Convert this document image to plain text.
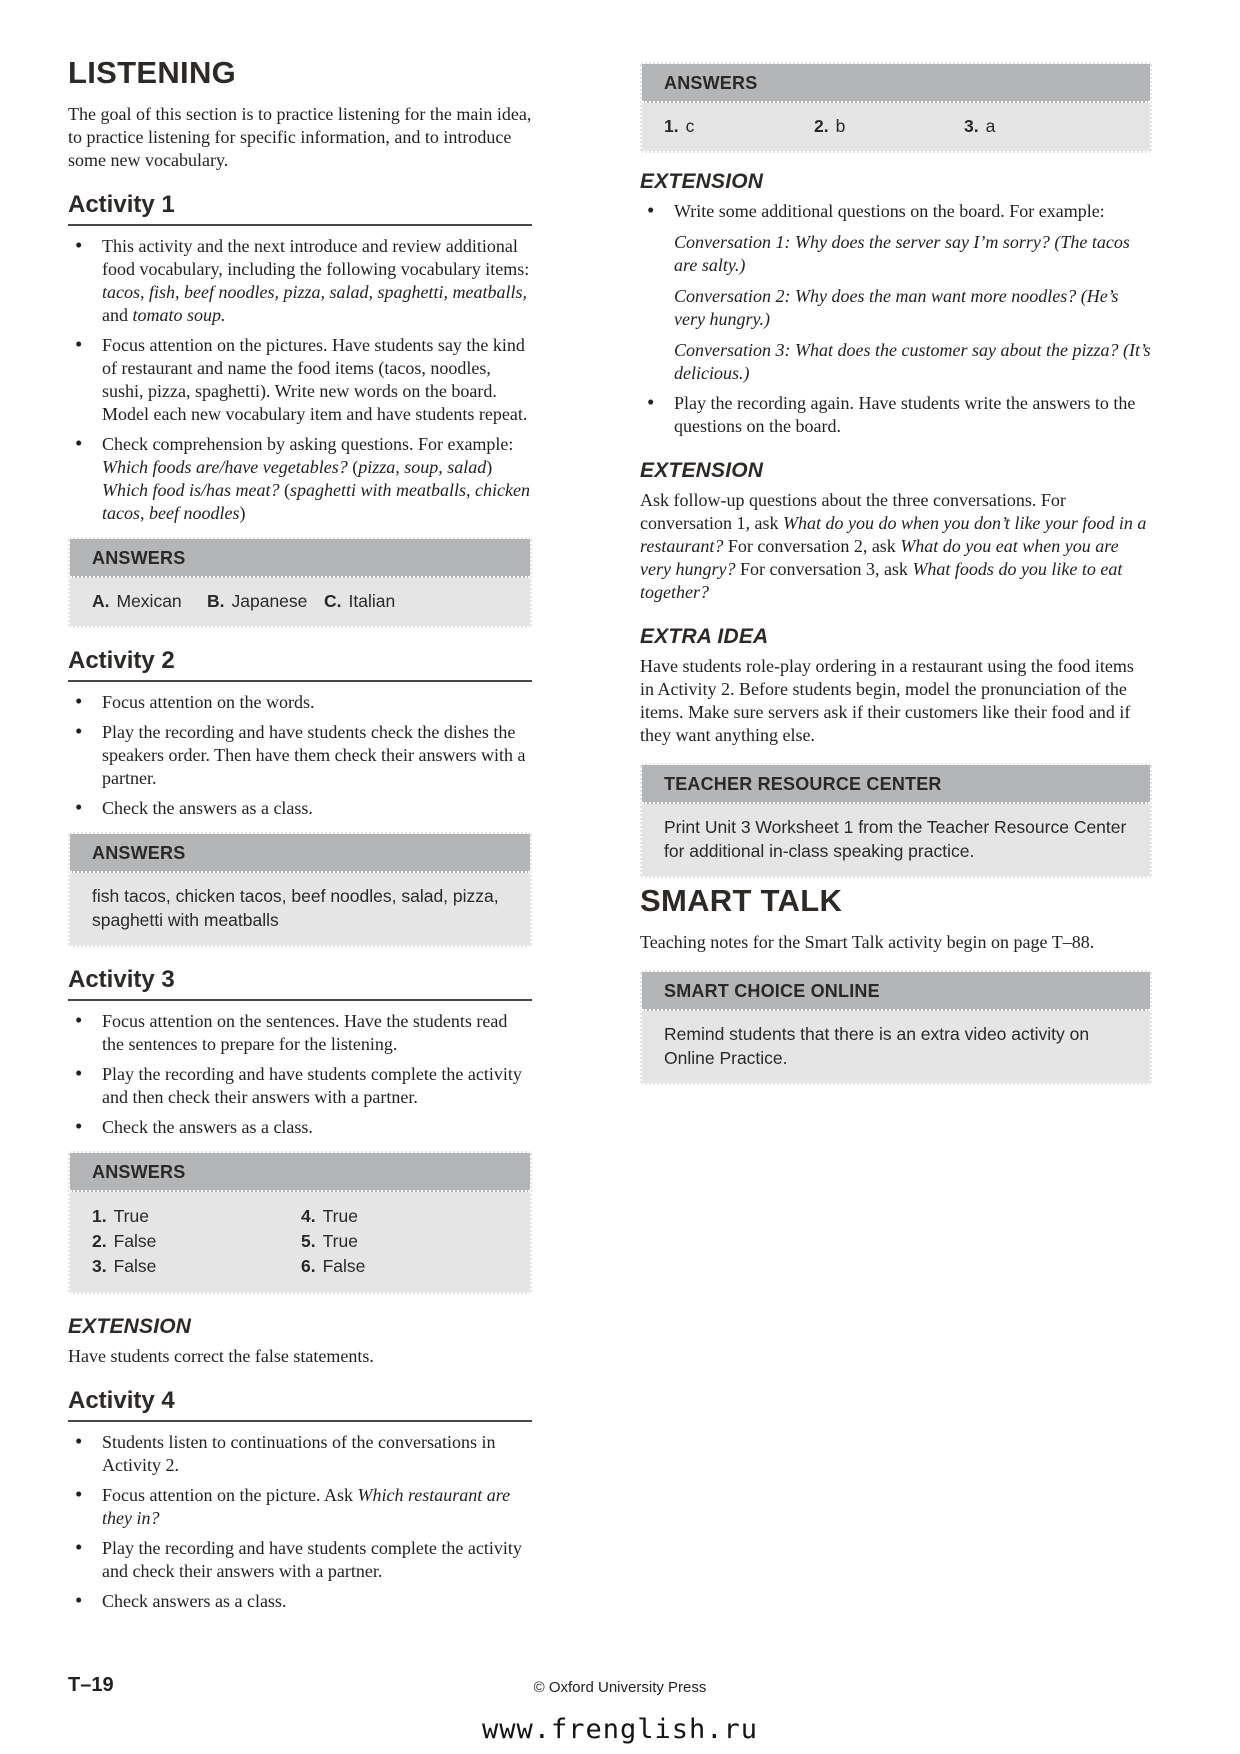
LISTENING

The goal of this section is to practice listening for the main idea, to practice listening for specific information, and to introduce some new vocabulary.

Activity 1
• This activity and the next introduce and review additional food vocabulary, including the following vocabulary items: tacos, fish, beef noodles, pizza, salad, spaghetti, meatballs, and tomato soup.
• Focus attention on the pictures. Have students say the kind of restaurant and name the food items (tacos, noodles, sushi, pizza, spaghetti). Write new words on the board. Model each new vocabulary item and have students repeat.
• Check comprehension by asking questions. For example: Which foods are/have vegetables? (pizza, soup, salad) Which food is/has meat? (spaghetti with meatballs, chicken tacos, beef noodles)
ANSWERS
A. Mexican	B. Japanese C. Italian
Activity 2
• Focus attention on the words.
• Play the recording and have students check the dishes the speakers order. Then have them check their answers with a partner.
• Check the answers as a class.
ANSWERS
fish tacos, chicken tacos, beef noodles, salad, pizza, spaghetti with meatballs
Activity 3
• Focus attention on the sentences. Have the students read the sentences to prepare for the listening.
• Play the recording and have students complete the activity and then check their answers with a partner.
• Check the answers as a class.
ANSWERS
1. True
2. False
3. False
4. True
5. True
6. False
EXTENSION

Have students correct the false statements.

Activity 4
• Students listen to continuations of the conversations in Activity 2.
• Focus attention on the picture. Ask Which restaurant are they in?
• Play the recording and have students complete the activity and check their answers with a partner.
• Check answers as a class.
ANSWERS
1. c	2. b	3. a
EXTENSION
• Write some additional questions on the board. For example:

Conversation 1: Why does the server say I’m sorry? (The tacos are salty.)

Conversation 2: Why does the man want more noodles? (He’s very hungry.)

Conversation 3: What does the customer say about the pizza? (It’s delicious.)

• Play the recording again. Have students write the answers to the questions on the board.
EXTENSION

Ask follow-up questions about the three conversations. For conversation 1, ask What do you do when you don’t like your food in a restaurant? For conversation 2, ask What do you eat when you are very hungry? For conversation 3, ask What foods do you like to eat together?

EXTRA IDEA

Have students role-play ordering in a restaurant using the food items in Activity 2. Before students begin, model the pronunciation of the items. Make sure servers ask if their customers like their food and if they want anything else.

TEACHER RESOURCE CENTER
Print Unit 3 Worksheet 1 from the Teacher Resource Center for additional in-class speaking practice.
SMART TALK

Teaching notes for the Smart Talk activity begin on page T–88.

SMART CHOICE ONLINE
Remind students that there is an extra video activity on Online Practice.
T–19	© Oxford University Press
www.frenglish.ru
